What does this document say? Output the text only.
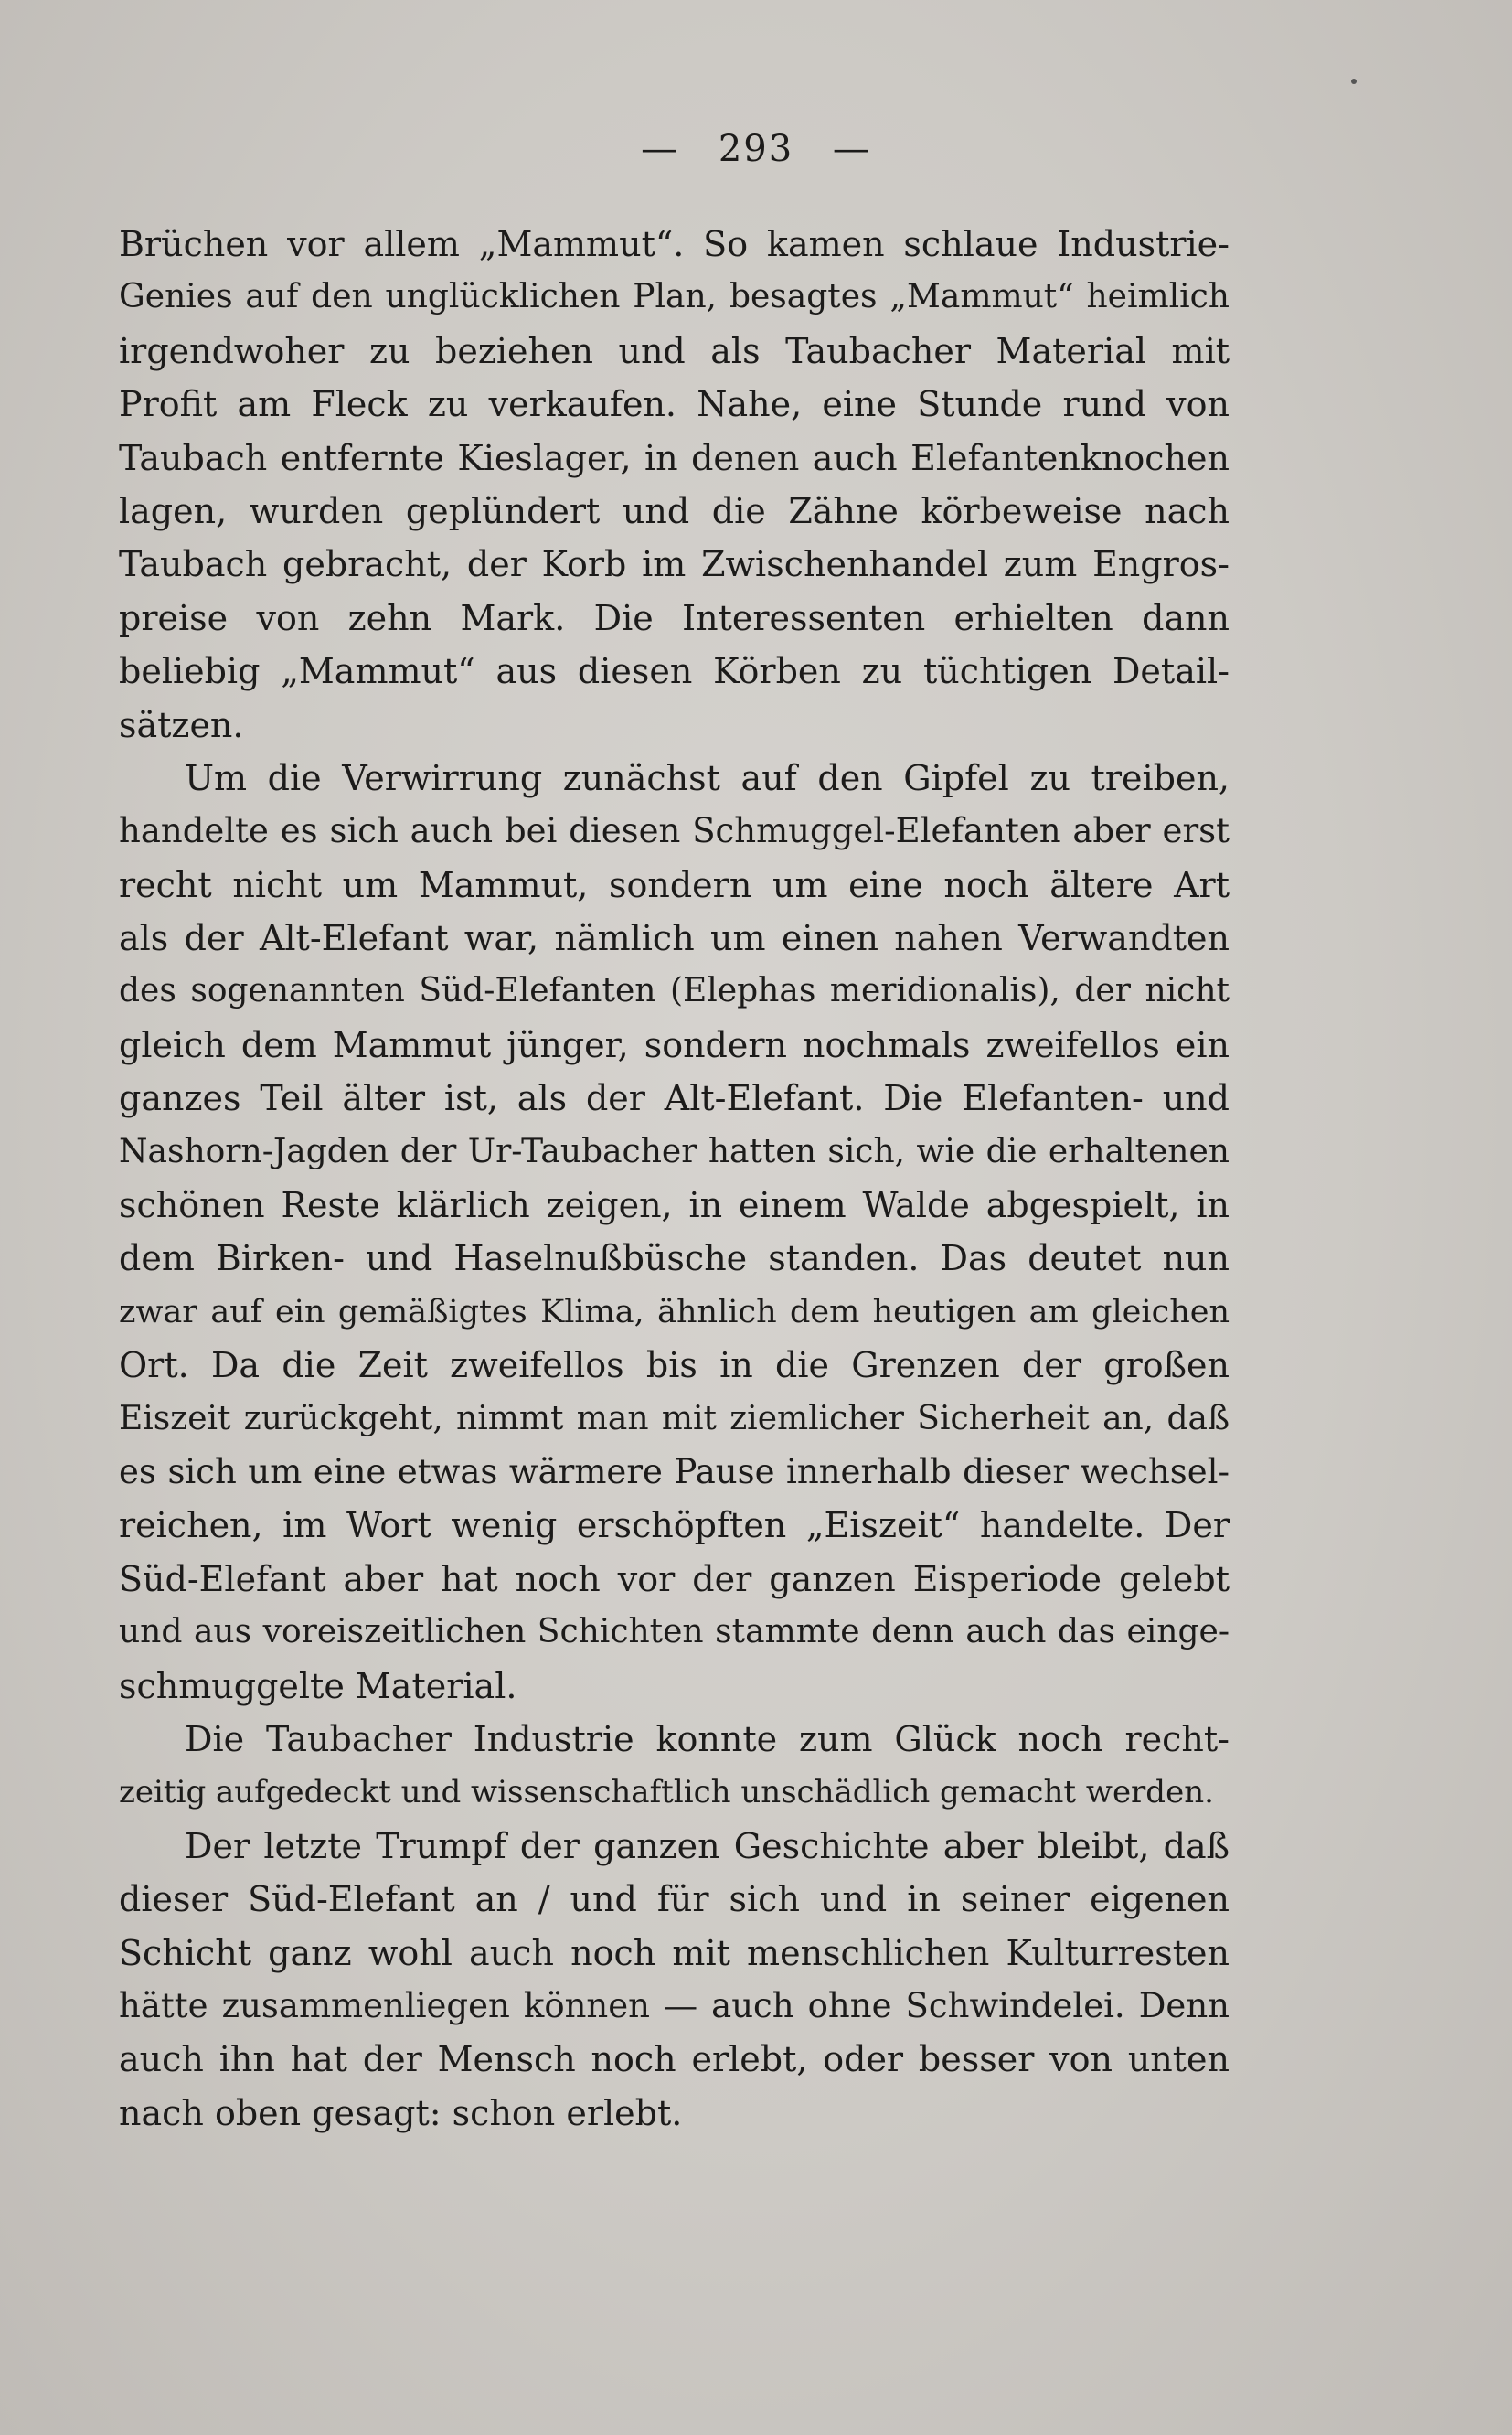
— 293 —
Brüchen vor allem „Mammut“. So kamen schlaue Industrie-
Genies auf den unglücklichen Plan, besagtes „Mammut“ heimlich
irgendwoher zu beziehen und als Taubacher Material mit
Profit am Fleck zu verkaufen. Nahe, eine Stunde rund von
Taubach entfernte Kieslager, in denen auch Elefantenknochen
lagen, wurden geplündert und die Zähne körbeweise nach
Taubach gebracht, der Korb im Zwischenhandel zum Engros-
preise von zehn Mark. Die Interessenten erhielten dann
beliebig „Mammut“ aus diesen Körben zu tüchtigen Detail-
sätzen.
Um die Verwirrung zunächst auf den Gipfel zu treiben,
handelte es sich auch bei diesen Schmuggel-Elefanten aber erst
recht nicht um Mammut, sondern um eine noch ältere Art
als der Alt-Elefant war, nämlich um einen nahen Verwandten
des sogenannten Süd-Elefanten (Elephas meridionalis), der nicht
gleich dem Mammut jünger, sondern nochmals zweifellos ein
ganzes Teil älter ist, als der Alt-Elefant. Die Elefanten- und
Nashorn-Jagden der Ur-Taubacher hatten sich, wie die erhaltenen
schönen Reste klärlich zeigen, in einem Walde abgespielt, in
dem Birken- und Haselnußbüsche standen. Das deutet nun
zwar auf ein gemäßigtes Klima, ähnlich dem heutigen am gleichen
Ort. Da die Zeit zweifellos bis in die Grenzen der großen
Eiszeit zurückgeht, nimmt man mit ziemlicher Sicherheit an, daß
es sich um eine etwas wärmere Pause innerhalb dieser wechsel-
reichen, im Wort wenig erschöpften „Eiszeit“ handelte. Der
Süd-Elefant aber hat noch vor der ganzen Eisperiode gelebt
und aus voreiszeitlichen Schichten stammte denn auch das einge-
schmuggelte Material.
Die Taubacher Industrie konnte zum Glück noch recht-
zeitig aufgedeckt und wissenschaftlich unschädlich gemacht werden.
Der letzte Trumpf der ganzen Geschichte aber bleibt, daß
dieser Süd-Elefant an / und für sich und in seiner eigenen
Schicht ganz wohl auch noch mit menschlichen Kulturresten
hätte zusammenliegen können — auch ohne Schwindelei. Denn
auch ihn hat der Mensch noch erlebt, oder besser von unten
nach oben gesagt: schon erlebt.
